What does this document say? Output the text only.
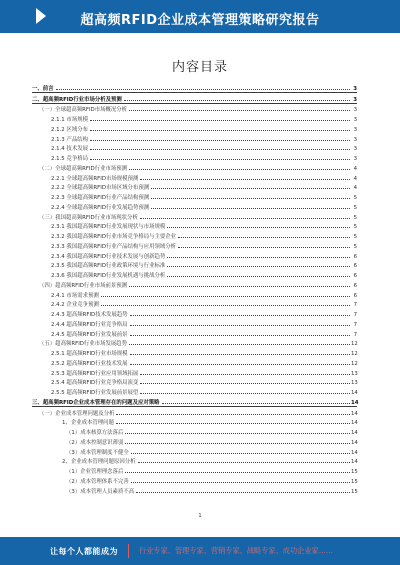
超高频RFID企业成本管理策略研究报告
内容目录
一、前言	3
二、超高频RFID行业市场分析及预测	3
（一）全球超高频RFID市场概况分析	3
2.1.1 市场规模	3
2.1.2 区域分布	3
2.1.3 产品结构	3
2.1.4 技术发展	3
2.1.5 竞争格局	3
（二）全球超高频RFID行业市场预测	4
2.2.1 全球超高频RFID市场规模预测	4
2.2.2 全球超高频RFID市场区域分布预测	4
2.2.3 全球超高频RFID行业产品结构预测	5
2.2.4 全球超高频RFID行业发展趋势预测	5
（三）我国超高频RFID行业市场现状分析	5
2.3.1 我国超高频RFID行业发展现状与市场规模	5
2.3.2 我国超高频RFID行业市场竞争格局与主要企业	5
2.3.3 我国超高频RFID行业产品结构与应用领域分析	5
2.3.4 我国超高频RFID行业技术发展与创新趋势	6
2.3.5 我国超高频RFID行业政策环境与行业标准	6
2.3.6 我国超高频RFID行业发展机遇与挑战分析	6
（四）超高频RFID行业市场前景预测	6
2.4.1 市场需求预测	6
2.4.2 企业竞争预测	7
2.4.3 超高频RFID技术发展趋势	7
2.4.4 超高频RFID行业竞争格局	7
2.4.5 超高频RFID行业发展前景	7
（五）超高频RFID行业市场发展趋势	12
2.5.1 超高频RFID行业市场规模	12
2.5.2 超高频RFID行业技术发展	12
2.5.3 超高频RFID行业应用领域拓展	13
2.5.4 超高频RFID行业竞争格局演变	13
2.5.5 超高频RFID行业发展前景展望	14
三、超高频RFID企业成本管理存在的问题及应对策略	14
（一）企业成本管理问题及分析	14
1、企业成本管理问题	14
（1）成本核算方法落后	14
（2）成本控制意识薄弱	14
（3）成本管理制度不健全	14
2、企业成本管理问题原因分析	14
（1）企业管理理念落后	15
（2）成本管理体系不完善	15
（3）成本管理人员素质不高	15
1
让每个人都能成为	行业专家、管理专家、营销专家、战略专家、成功企业家……
